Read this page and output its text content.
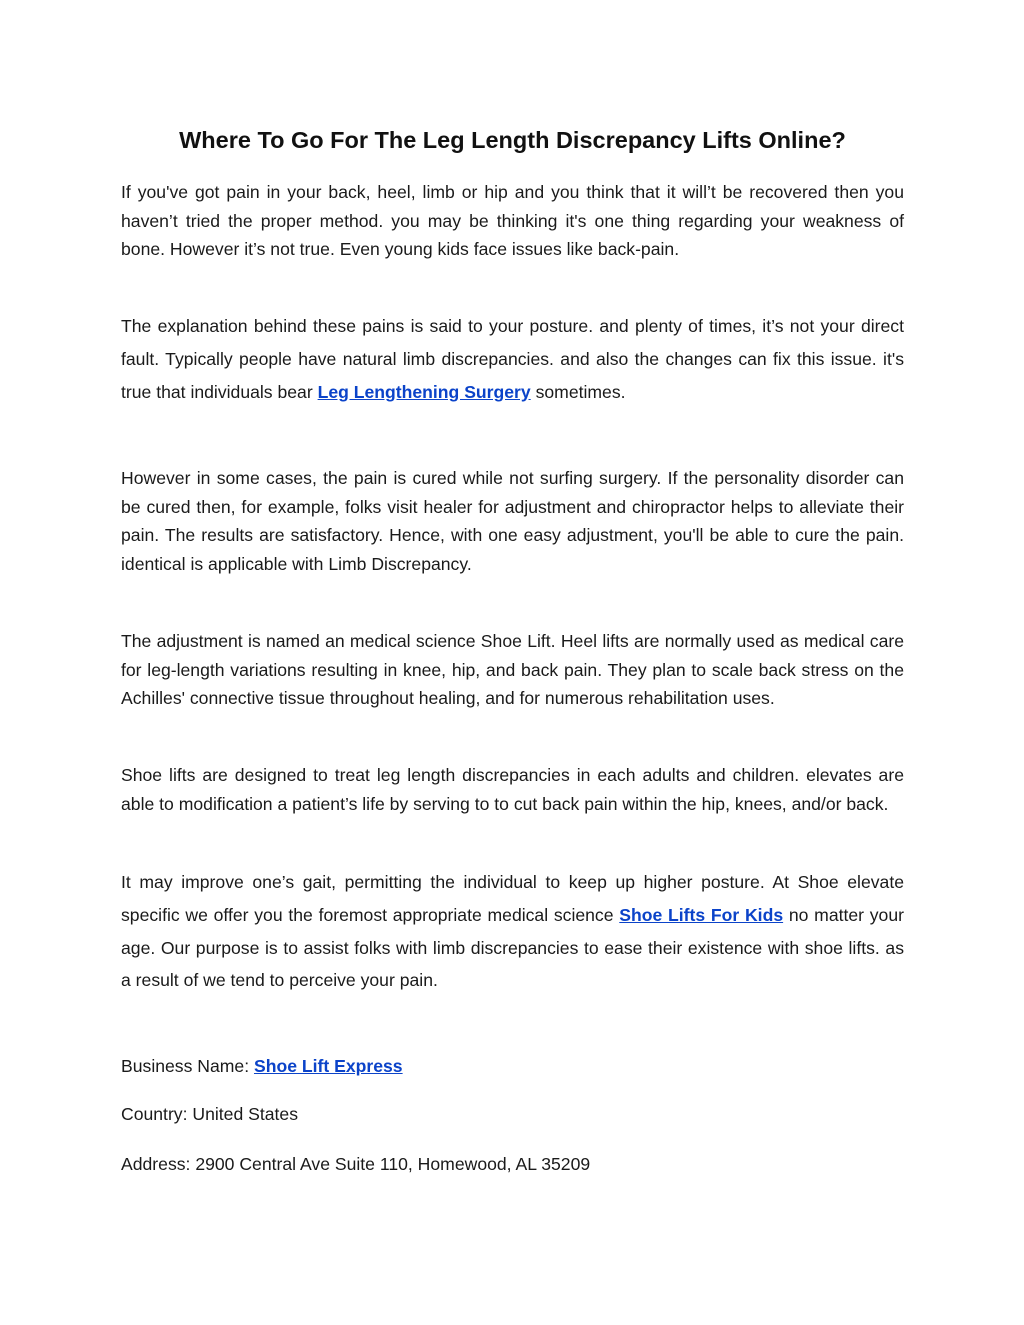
Where To Go For The Leg Length Discrepancy Lifts Online?

If you've got pain in your back, heel, limb or hip and you think that it will’t be recovered then you haven’t tried the proper method. you may be thinking it's one thing regarding your weakness of bone. However it’s not true. Even young kids face issues like back-pain.

The explanation behind these pains is said to your posture. and plenty of times, it’s not your direct fault. Typically people have natural limb discrepancies. and also the changes can fix this issue. it's true that individuals bear Leg Lengthening Surgery sometimes.

However in some cases, the pain is cured while not surfing surgery. If the personality disorder can be cured then, for example, folks visit healer for adjustment and chiropractor helps to alleviate their pain. The results are satisfactory. Hence, with one easy adjustment, you'll be able to cure the pain. identical is applicable with Limb Discrepancy.

The adjustment is named an medical science Shoe Lift. Heel lifts are normally used as medical care for leg-length variations resulting in knee, hip, and back pain. They plan to scale back stress on the Achilles' connective tissue throughout healing, and for numerous rehabilitation uses.

Shoe lifts are designed to treat leg length discrepancies in each adults and children. elevates are able to modification a patient’s life by serving to to cut back pain within the hip, knees, and/or back.

It may improve one’s gait, permitting the individual to keep up higher posture. At Shoe elevate specific we offer you the foremost appropriate medical science Shoe Lifts For Kids no matter your age. Our purpose is to assist folks with limb discrepancies to ease their existence with shoe lifts. as a result of we tend to perceive your pain.

Business Name: Shoe Lift Express
Country: United States
Address: 2900 Central Ave Suite 110, Homewood, AL 35209
